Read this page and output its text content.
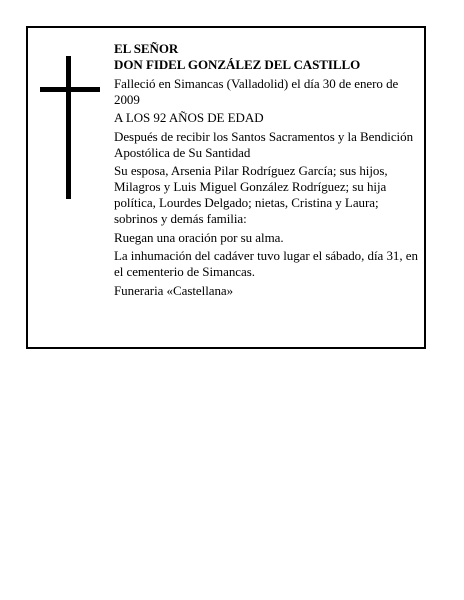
EL SEÑOR

DON FIDEL GONZÁLEZ DEL CASTILLO

Falleció en Simancas (Valladolid) el día 30 de enero de 2009

A LOS 92 AÑOS DE EDAD

Después de recibir los Santos Sacramentos y la Bendición Apostólica de Su Santidad

Su esposa, Arsenia Pilar Rodríguez García; sus hijos, Milagros y Luis Miguel González Rodríguez; su hija política, Lourdes Delgado; nietas, Cristina y Laura; sobrinos y demás familia:

Ruegan una oración por su alma.

La inhumación del cadáver tuvo lugar el sábado, día 31, en el cementerio de Simancas.

Funeraria «Castellana»
